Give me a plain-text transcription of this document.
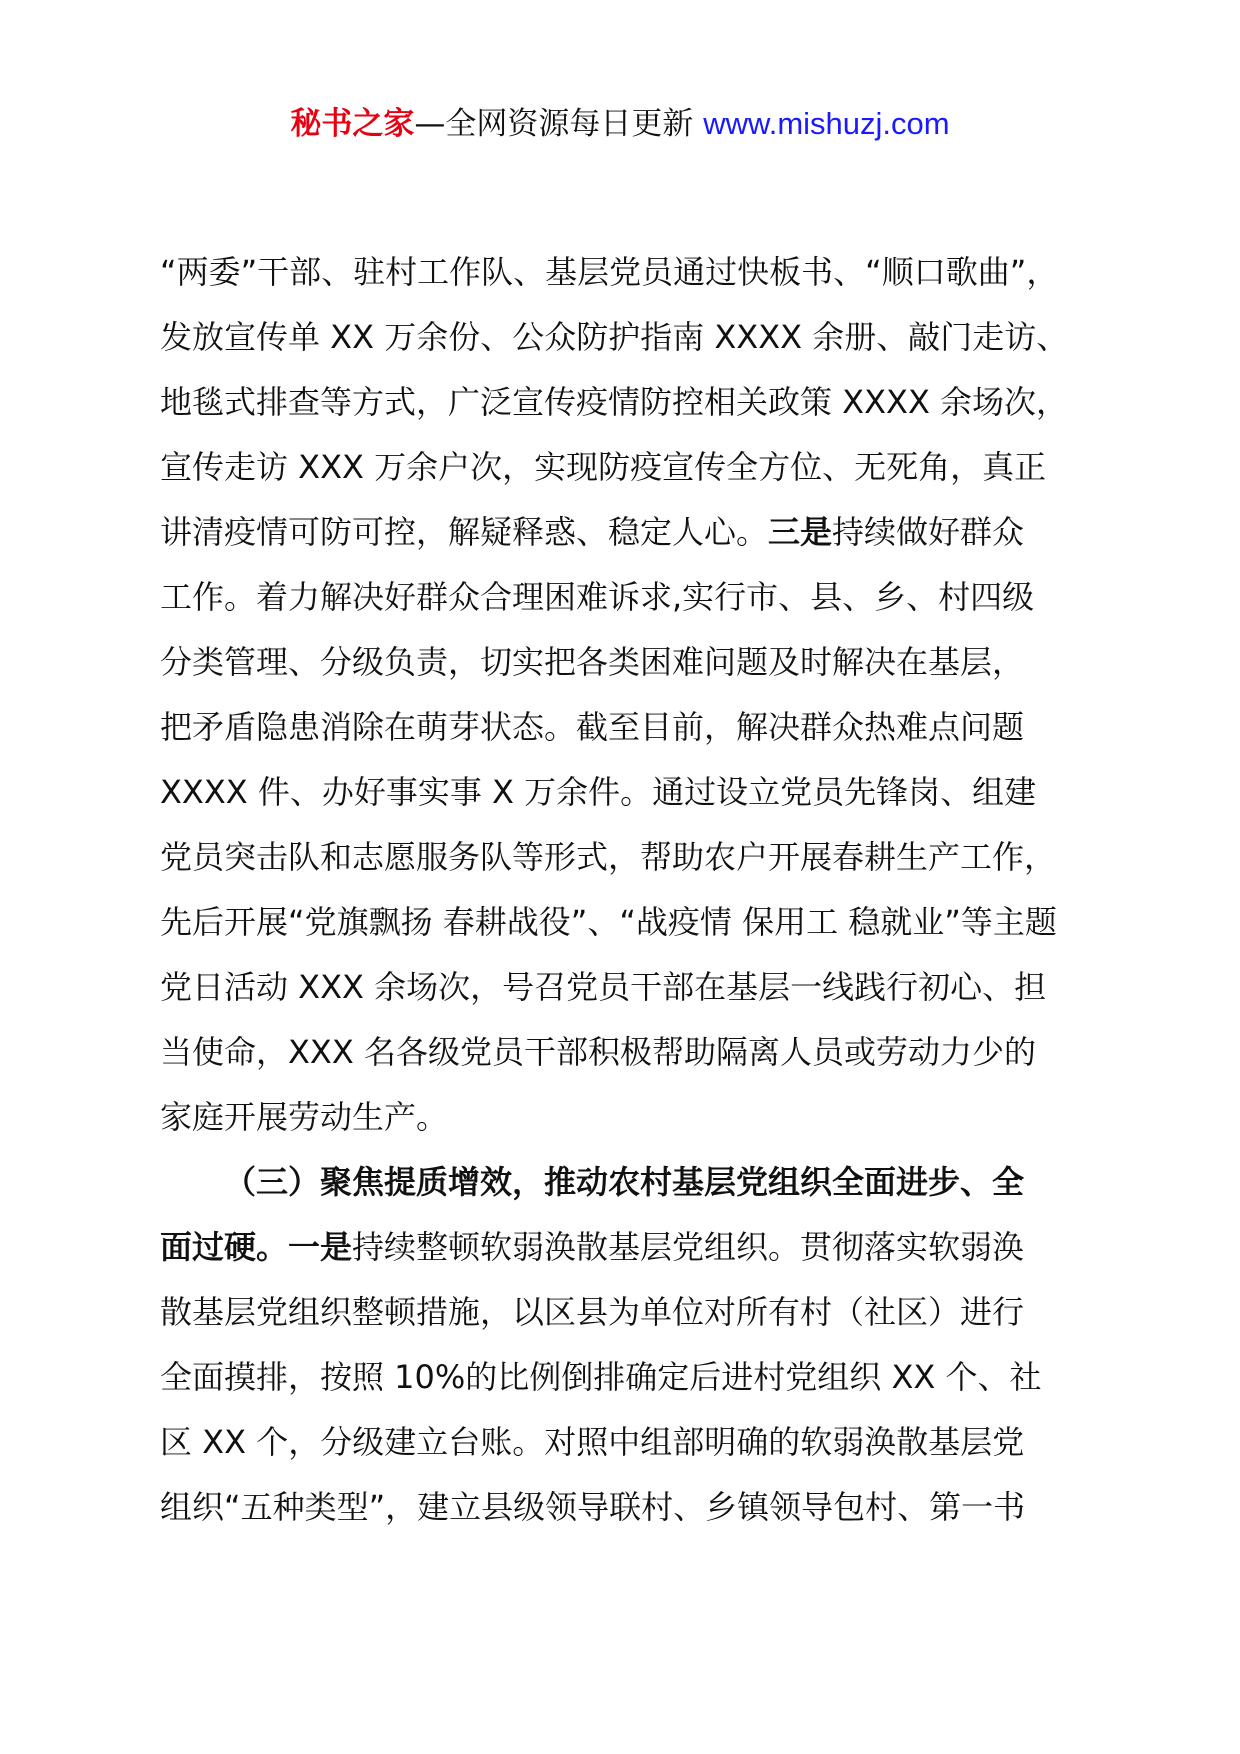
秘书之家—全网资源每日更新 www.mishuzj.com
“两委”干部、驻村工作队、基层党员通过快板书、“顺口歌曲”，
发放宣传单 XX 万余份、公众防护指南 XXXX 余册、敲门走访、
地毯式排查等方式，广泛宣传疫情防控相关政策 XXXX 余场次，
宣传走访 XXX 万余户次，实现防疫宣传全方位、无死角，真正
讲清疫情可防可控，解疑释惑、稳定人心。三是持续做好群众
工作。着力解决好群众合理困难诉求,实行市、县、乡、村四级
分类管理、分级负责，切实把各类困难问题及时解决在基层，
把矛盾隐患消除在萌芽状态。截至目前，解决群众热难点问题
XXXX 件、办好事实事 X 万余件。通过设立党员先锋岗、组建
党员突击队和志愿服务队等形式，帮助农户开展春耕生产工作，
先后开展“党旗飘扬 春耕战役”、“战疫情 保用工 稳就业”等主题
党日活动 XXX 余场次，号召党员干部在基层一线践行初心、担
当使命，XXX 名各级党员干部积极帮助隔离人员或劳动力少的
家庭开展劳动生产。
（三）聚焦提质增效，推动农村基层党组织全面进步、全
面过硬。一是持续整顿软弱涣散基层党组织。贯彻落实软弱涣
散基层党组织整顿措施，以区县为单位对所有村（社区）进行
全面摸排，按照 10%的比例倒排确定后进村党组织 XX 个、社
区 XX 个，分级建立台账。对照中组部明确的软弱涣散基层党
组织“五种类型”，建立县级领导联村、乡镇领导包村、第一书
